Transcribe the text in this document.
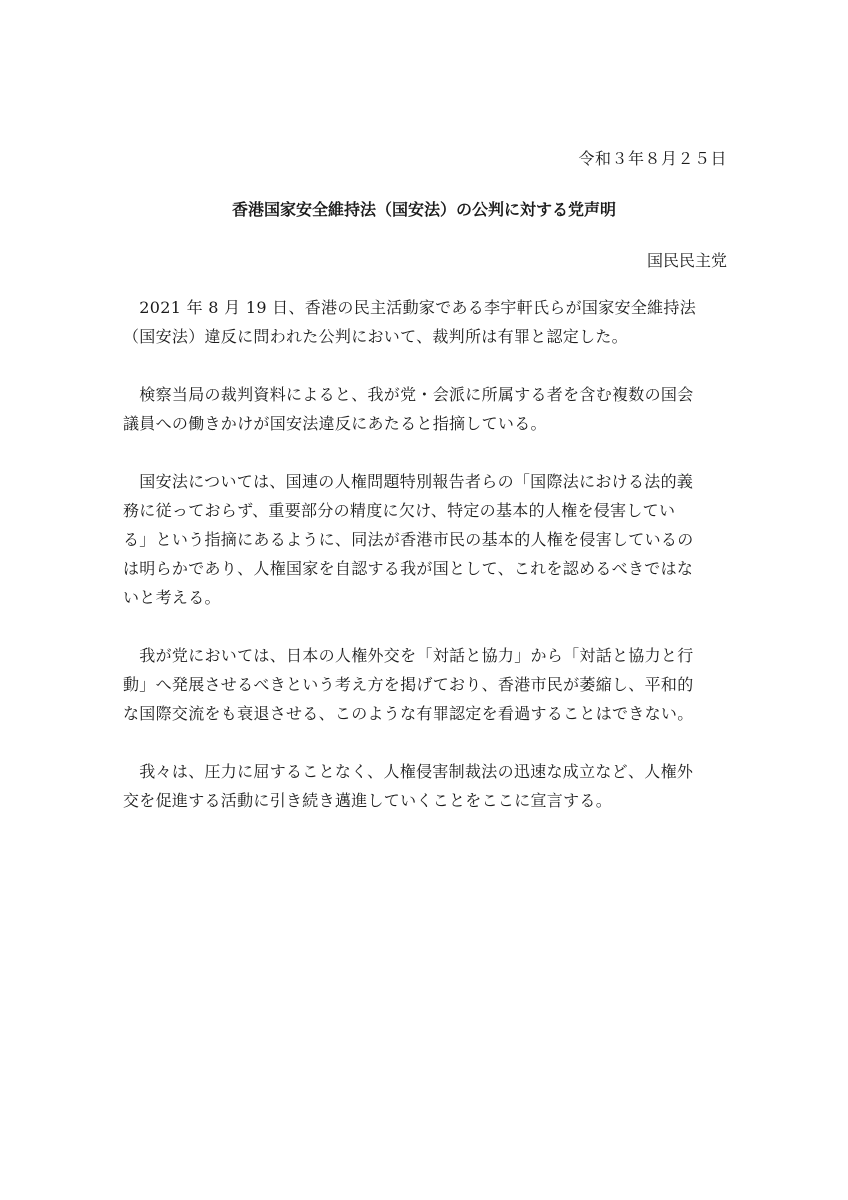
令和３年８月２５日
香港国家安全維持法（国安法）の公判に対する党声明
国民民主党

　2021 年 8 月 19 日、香港の民主活動家である李宇軒氏らが国家安全維持法
（国安法）違反に問われた公判において、裁判所は有罪と認定した。

　検察当局の裁判資料によると、我が党・会派に所属する者を含む複数の国会
議員への働きかけが国安法違反にあたると指摘している。

　国安法については、国連の人権問題特別報告者らの「国際法における法的義
務に従っておらず、重要部分の精度に欠け、特定の基本的人権を侵害してい
る」という指摘にあるように、同法が香港市民の基本的人権を侵害しているの
は明らかであり、人権国家を自認する我が国として、これを認めるべきではな
いと考える。

　我が党においては、日本の人権外交を「対話と協力」から「対話と協力と行
動」へ発展させるべきという考え方を掲げており、香港市民が萎縮し、平和的
な国際交流をも衰退させる、このような有罪認定を看過することはできない。

　我々は、圧力に屈することなく、人権侵害制裁法の迅速な成立など、人権外
交を促進する活動に引き続き邁進していくことをここに宣言する。
